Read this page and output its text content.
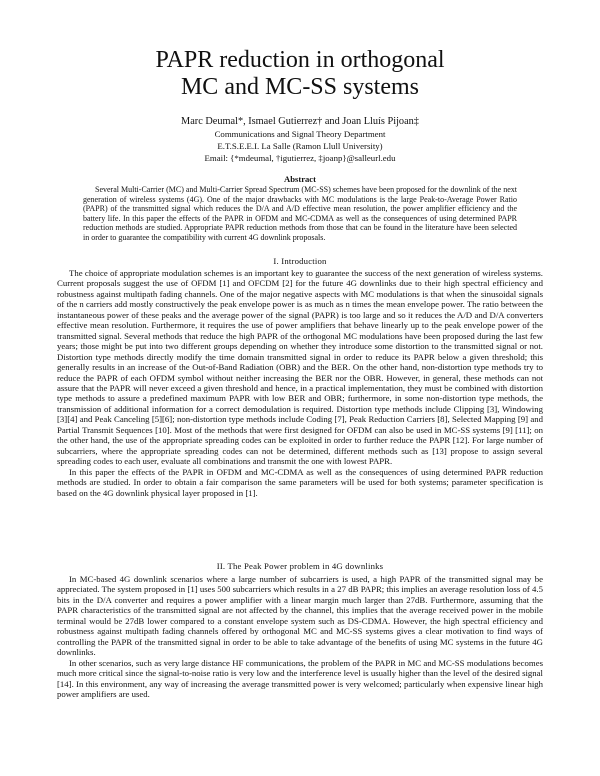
PAPR reduction in orthogonal
MC and MC-SS systems
Marc Deumal*, Ismael Gutierrez† and Joan Lluís Pijoan‡
Communications and Signal Theory Department
E.T.S.E.E.I. La Salle (Ramon Llull University)
Email: {*mdeumal, †igutierrez, ‡joanp}@salleurl.edu
Abstract
Several Multi-Carrier (MC) and Multi-Carrier Spread Spectrum (MC-SS) schemes have been proposed for the downlink of the next generation of wireless systems (4G). One of the major drawbacks with MC modulations is the large Peak-to-Average Power Ratio (PAPR) of the transmitted signal which reduces the D/A and A/D effective mean resolution, the power amplifier efficiency and the battery life. In this paper the effects of the PAPR in OFDM and MC-CDMA as well as the consequences of using determined PAPR reduction methods are studied. Appropriate PAPR reduction methods from those that can be found in the literature have been selected in order to guarantee the compatibility with current 4G downlink proposals.
I. Introduction

The choice of appropriate modulation schemes is an important key to guarantee the success of the next generation of wireless systems. Current proposals suggest the use of OFDM [1] and OFCDM [2] for the future 4G downlinks due to their high spectral efficiency and robustness against multipath fading channels. One of the major negative aspects with MC modulations is that when the sinusoidal signals of the n carriers add mostly constructively the peak envelope power is as much as n times the mean envelope power. The ratio between the instantaneous power of these peaks and the average power of the signal (PAPR) is too large and so it reduces the A/D and D/A converters effective mean resolution. Furthermore, it requires the use of power amplifiers that behave linearly up to the peak envelope power of the transmitted signal. Several methods that reduce the high PAPR of the orthogonal MC modulations have been proposed during the last few years; those might be put into two different groups depending on whether they introduce some distortion to the transmitted signal or not. Distortion type methods directly modify the time domain transmitted signal in order to reduce its PAPR below a given threshold; this generally results in an increase of the Out-of-Band Radiation (OBR) and the BER. On the other hand, non-distortion type methods try to reduce the PAPR of each OFDM symbol without neither increasing the BER nor the OBR. However, in general, these methods can not assure that the PAPR will never exceed a given threshold and hence, in a practical implementation, they must be combined with distortion type methods to assure a predefined maximum PAPR with low BER and OBR; furthermore, in some non-distortion type methods, the transmission of additional information for a correct demodulation is required. Distortion type methods include Clipping [3], Windowing [3][4] and Peak Canceling [5][6]; non-distortion type methods include Coding [7], Peak Reduction Carriers [8], Selected Mapping [9] and Partial Transmit Sequences [10]. Most of the methods that were first designed for OFDM can also be used in MC-SS systems [9] [11]; on the other hand, the use of the appropriate spreading codes can be exploited in order to further reduce the PAPR [12]. For large number of subcarriers, where the appropriate spreading codes can not be determined, different methods such as [13] propose to assign several spreading codes to each user, evaluate all combinations and transmit the one with lowest PAPR.

In this paper the effects of the PAPR in OFDM and MC-CDMA as well as the consequences of using determined PAPR reduction methods are studied. In order to obtain a fair comparison the same parameters will be used for both systems; parameter specification is based on the 4G downlink physical layer proposed in [1].

II. The Peak Power problem in 4G downlinks

In MC-based 4G downlink scenarios where a large number of subcarriers is used, a high PAPR of the transmitted signal may be appreciated. The system proposed in [1] uses 500 subcarriers which results in a 27 dB PAPR; this implies an average resolution loss of 4.5 bits in the D/A converter and requires a power amplifier with a linear margin much larger than 27dB. Furthermore, assuming that the PAPR characteristics of the transmitted signal are not affected by the channel, this implies that the average received power in the mobile terminal would be 27dB lower compared to a constant envelope system such as DS-CDMA. However, the high spectral efficiency and robustness against multipath fading channels offered by orthogonal MC and MC-SS systems gives a clear motivation to find ways of controlling the PAPR of the transmitted signal in order to be able to take advantage of the benefits of using MC systems in the future 4G downlinks.

In other scenarios, such as very large distance HF communications, the problem of the PAPR in MC and MC-SS modulations becomes much more critical since the signal-to-noise ratio is very low and the interference level is usually higher than the level of the desired signal [14]. In this environment, any way of increasing the average transmitted power is very welcomed; particularly when expensive linear high power amplifiers are used.
